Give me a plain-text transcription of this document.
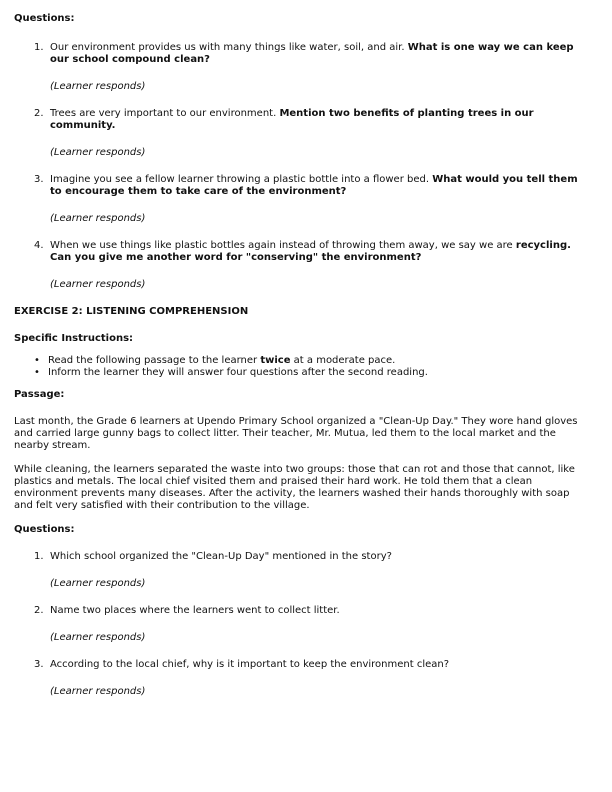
Questions:

1. Our environment provides us with many things like water, soil, and air. What is one way we can keep our school compound clean?

(Learner responds)

2. Trees are very important to our environment. Mention two benefits of planting trees in our community.

(Learner responds)

3. Imagine you see a fellow learner throwing a plastic bottle into a flower bed. What would you tell them to encourage them to take care of the environment?

(Learner responds)

4. When we use things like plastic bottles again instead of throwing them away, we say we are recycling. Can you give me another word for "conserving" the environment?

(Learner responds)

EXERCISE 2: LISTENING COMPREHENSION

Specific Instructions:

• Read the following passage to the learner twice at a moderate pace.
• Inform the learner they will answer four questions after the second reading.

Passage:

Last month, the Grade 6 learners at Upendo Primary School organized a "Clean-Up Day." They wore hand gloves and carried large gunny bags to collect litter. Their teacher, Mr. Mutua, led them to the local market and the nearby stream.

While cleaning, the learners separated the waste into two groups: those that can rot and those that cannot, like plastics and metals. The local chief visited them and praised their hard work. He told them that a clean environment prevents many diseases. After the activity, the learners washed their hands thoroughly with soap and felt very satisfied with their contribution to the village.

Questions:

1. Which school organized the "Clean-Up Day" mentioned in the story?

(Learner responds)

2. Name two places where the learners went to collect litter.

(Learner responds)

3. According to the local chief, why is it important to keep the environment clean?

(Learner responds)
